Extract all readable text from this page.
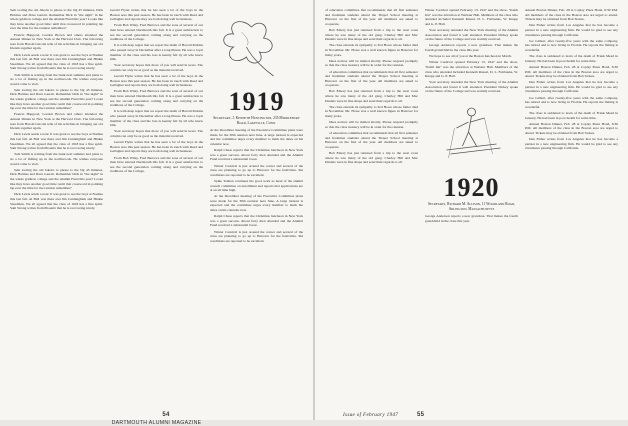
Sent tooling the old Jakobs to phone to the big 45 minutes, Dick Holmes and Dave Garrett. Remember Dick in "the night" in the whole gridiron college and the Alumni Fund this year? Looks like they have another good time: until that crossword in pointing lap ever the time for the reunion remember?

Francis Hapgood, Gordon Brown and others attended the Annual Dinner in New York at the Harvard Club. The following note from Harold Lincoln tells of his activities in bringing our old friends together again.

Dick Lewis sends a note: It was great to see the boys at Nashua this last fall. Al Ball was there and Jim Cunningham and Hinkie Steadman. We all agreed that the class of 1918 has a fine spirit. Sam Strong writes from Phoenix that he is recovering nicely.

Tom Smith is retiring from the bank next summer and plans to do a lot of fishing up in the northwoods. He wishes everyone would come to visit.

Sent tooling the old Jakobs to phone to the big 45 minutes, Dick Holmes and Dave Garrett. Remember Dick in "the night" in the whole gridiron college and the Alumni Fund this year? Looks like they have another good time: until that crossword in pointing lap ever the time for the reunion remember?

Francis Hapgood, Gordon Brown and others attended the Annual Dinner in New York at the Harvard Club. The following note from Harold Lincoln tells of his activities in bringing our old friends together again.

Dick Lewis sends a note: It was great to see the boys at Nashua this last fall. Al Ball was there and Jim Cunningham and Hinkie Steadman. We all agreed that the class of 1918 has a fine spirit. Sam Strong writes from Phoenix that he is recovering nicely.

Tom Smith is retiring from the bank next summer and plans to do a lot of fishing up in the northwoods. He wishes everyone would come to visit.

Sent tooling the old Jakobs to phone to the big 45 minutes, Dick Holmes and Dave Garrett. Remember Dick in "the night" in the whole gridiron college and the Alumni Fund this year? Looks like they have another good time: until that crossword in pointing lap ever the time for the reunion remember?

Dick Lewis sends a note: It was great to see the boys at Nashua this last fall. Al Ball was there and Jim Cunningham and Hinkie Steadman. We all agreed that the class of 1918 has a fine spirit. Sam Strong writes from Phoenix that he is recovering nicely.

Gerald Flynn writes that he has seen a lot of the boys in the Boston area this past season. He has been in touch with Reed and Gallagher and reports they are both doing well in business.

From Bob Wiley, Fred Barrows and the sons of several of our men have entered Dartmouth this fall. It is a great satisfaction to see the second generation coming along and carrying on the traditions of the College.

It is with deep regret that we report the death of Harold Perkins who passed away in December after a long illness. He was a loyal member of the class and his loss is keenly felt by all who knew him.

Your secretary hopes that more of you will send in news. The column can only be as good as the material received.

Gerald Flynn writes that he has seen a lot of the boys in the Boston area this past season. He has been in touch with Reed and Gallagher and reports they are both doing well in business.

From Bob Wiley, Fred Barrows and the sons of several of our men have entered Dartmouth this fall. It is a great satisfaction to see the second generation coming along and carrying on the traditions of the College.

It is with deep regret that we report the death of Harold Perkins who passed away in December after a long illness. He was a loyal member of the class and his loss is keenly felt by all who knew him.

Your secretary hopes that more of you will send in news. The column can only be as good as the material received.

Gerald Flynn writes that he has seen a lot of the boys in the Boston area this past season. He has been in touch with Reed and Gallagher and reports they are both doing well in business.

From Bob Wiley, Fred Barrows and the sons of several of our men have entered Dartmouth this fall. It is a great satisfaction to see the second generation coming along and carrying on the traditions of the College.

1919
Secretary, J. Kenneth Huntington, 235 Middlebury Road, Lakeville, Conn.

At the December meeting of the Executive Committee plans were made for the 30th reunion next June. A large turnout is expected and the committee urges every member to mark the dates on his calendar now.

Ralph Chase reports that the Christmas luncheon in New York was a great success. About forty men attended and the Alumni Fund received a substantial boost.

Winter Carnival is just around the corner and several of the class are planning to go up to Hanover for the festivities. Ski conditions are reported to be excellent.

Spike Tonhan continues his good work as head of the alumni council committee on enrollment and reports that applications are at an all time high.

At the December meeting of the Executive Committee plans were made for the 30th reunion next June. A large turnout is expected and the committee urges every member to mark the dates on his calendar now.

Ralph Chase reports that the Christmas luncheon in New York was a great success. About forty men attended and the Alumni Fund received a substantial boost.

Winter Carnival is just around the corner and several of the class are planning to go up to Hanover for the festivities. Ski conditions are reported to be excellent.

54
DARTMOUTH ALUMNI MAGAZINE

of education committee that recommends that all first semester and freshmen students attend the Thayer School meeting at Hanover on the first of the year. All members are asked to cooperate.

Bob Emery has just returned from a trip to the west coast where he saw many of the old gang. Charley Hill and Mac Daniels were in fine shape and send their regards to all.

The class extends its sympathy to Ted Howe whose father died in November. Mr. Howe was a well known figure in Hanover for many years.

Dues notices will be mailed shortly. Please respond promptly so that the class treasury will be in order for the reunion.

of education committee that recommends that all first semester and freshmen students attend the Thayer School meeting at Hanover on the first of the year. All members are asked to cooperate.

Bob Emery has just returned from a trip to the west coast where he saw many of the old gang. Charley Hill and Mac Daniels were in fine shape and send their regards to all.

The class extends its sympathy to Ted Howe whose father died in November. Mr. Howe was a well known figure in Hanover for many years.

Dues notices will be mailed shortly. Please respond promptly so that the class treasury will be in order for the reunion.

of education committee that recommends that all first semester and freshmen students attend the Thayer School meeting at Hanover on the first of the year. All members are asked to cooperate.

Bob Emery has just returned from a trip to the west coast where he saw many of the old gang. Charley Hill and Mac Daniels were in fine shape and send their regards to all.

Winter Carnival opened February 13, 1947 and the show, "Keith Inn" was the attraction at Webster Hall. Members of the class who attended included Kenneth Russel, D. L. Fairbanks, W. Knapp and G. P. Hall.

Your secretary attended the New York meeting of the Alumni Association and found it well attended. President Dickey spoke on the future of the College and was warmly received.

George Anderson reports a new grandson. That makes the fourth grandchild in the class this year.

We hope to see all of you at the Boston luncheon in March.

Winter Carnival opened February 13, 1947 and the show, "Keith Inn" was the attraction at Webster Hall. Members of the class who attended included Kenneth Russel, D. L. Fairbanks, W. Knapp and G. P. Hall.

Your secretary attended the New York meeting of the Alumni Association and found it well attended. President Dickey spoke on the future of the College and was warmly received.

1920
Secretary, Richard M. Allison, 11 Woodland Road, Arlington, Massachusetts

George Anderson reports a new grandson. That makes the fourth grandchild in the class this year.

Annual Boston Dinner, Feb. 28 at Copley Plaza Hotel, 6:30 P.M. All members of the class in the Boston area are urged to attend. Tickets may be obtained from Bob Stokes.

Dan Fisher writes from Los Angeles that he has become a partner in a new engineering firm. He would be glad to see any classmates passing through California.

Joe Gilbert, after twenty-five years with the same company, has retired and is now living in Florida. He reports the fishing is wonderful.

The class is saddened to learn of the death of Frank Mead in January. He had been in poor health for some time.

Annual Boston Dinner, Feb. 28 at Copley Plaza Hotel, 6:30 P.M. All members of the class in the Boston area are urged to attend. Tickets may be obtained from Bob Stokes.

Dan Fisher writes from Los Angeles that he has become a partner in a new engineering firm. He would be glad to see any classmates passing through California.

Joe Gilbert, after twenty-five years with the same company, has retired and is now living in Florida. He reports the fishing is wonderful.

The class is saddened to learn of the death of Frank Mead in January. He had been in poor health for some time.

Annual Boston Dinner, Feb. 28 at Copley Plaza Hotel, 6:30 P.M. All members of the class in the Boston area are urged to attend. Tickets may be obtained from Bob Stokes.

Dan Fisher writes from Los Angeles that he has become a partner in a new engineering firm. He would be glad to see any classmates passing through California.

Issue of February 1947	55
